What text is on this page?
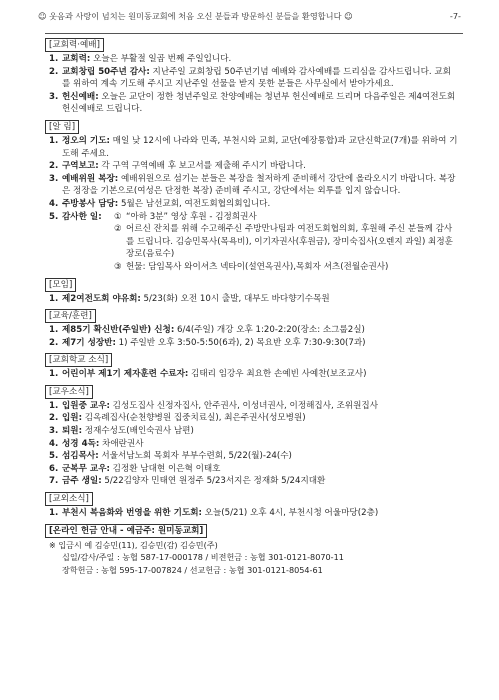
☺ 웃음과 사랑이 넘치는 원미동교회에 처음 오신 분들과 방문하신 분들을 환영합니다 ☺	-7-
[교회력·예배]
1. 교회력: 오늘은 부활절 일곱 번째 주일입니다.
2. 교회창립 50주년 감사: 지난주일 교회창립 50주년기념 예배와 감사예배를 드리심을 감사드립니다. 교회를 위하여 계속 기도해 주시고 지난주일 선물을 받지 못한 분들은 사무실에서 받아가세요.
3. 헌신예배: 오늘은 교단이 정한 청년주일로 찬양예배는 청년부 헌신예배로 드리며 다음주일은 제4여전도회 헌신예배로 드립니다.
[알 림]
1. 정오의 기도: 매일 낮 12시에 나라와 민족, 부천시와 교회, 교단(예장통합)과 교단신학교(7개)를 위하여 기도해 주세요.
2. 구역보고: 각 구역 구역예배 후 보고서를 제출해 주시기 바랍니다.
3. 예배위원 복장: 예배위원으로 섬기는 분들은 복장을 철저하게 준비해서 강단에 올라오시기 바랍니다. 복장은 정장을 기본으로(여성은 단정한 복장) 준비해 주시고, 강단에서는 외투를 입지 않습니다.
4. 주방봉사 담당: 5월은 남선교회, 여전도회협의회입니다.
5. 감사한 일: ① “아하 3분” 영상 후원 - 김정희권사
② 어르신 잔치를 위해 수고해주신 주방만나팀과 여전도회협의회, 후원해 주신 분들께 감사를 드립니다. 김승민목사(목욕비), 이기자권사(후원금), 장미숙집사(오렌지 과일) 최정훈장로(음료수)
③ 헌물: 담임목사 와이셔츠 넥타이(설연옥권사),목회자 셔츠(전월순권사)
[모임]
1. 제2여전도회 야유회: 5/23(화) 오전 10시 출발, 대부도 바다향기수목원
[교육/훈련]
1. 제85기 확신반(주일반) 신청: 6/4(주일) 개강 오후 1:20-2:20(장소: 소그룹2실)
2. 제7기 성장반: 1) 주일반 오후 3:50-5:50(6과), 2) 목요반 오후 7:30-9:30(7과)
[교회학교 소식]
1. 어린이부 제1기 제자훈련 수료자: 김태리 임강우 최요한 손예빈 사예찬(보조교사)
[교우소식]
1. 입원중 교우: 김성도집사 신정자집사, 안주권사, 이성녀권사, 이정해집사, 조위원집사
2. 입원: 김옥례집사(순천향병원 집중치료실), 최은주권사(성모병원)
3. 퇴원: 정재수성도(배인숙권사 남편)
4. 성경 4독: 차애란권사
5. 섬김목사: 서울서남노회 목회자 부부수련회, 5/22(월)-24(수)
6. 군복무 교우: 김정환 남대현 이은혁 이태호
7. 금주 생일: 5/22김양자 민태연 원정주 5/23서지은 정재화 5/24지대환
[교외소식]
1. 부천시 복음화와 번영을 위한 기도회: 오늘(5/21) 오후 4시, 부천시청 어울마당(2층)
[온라인 헌금 안내 - 예금주: 원미동교회]
※ 입금시 예 김승민(11), 김승민(감) 김승민(주)
십일/감사/주일 : 농협 587-17-000178 / 비전헌금 : 농협 301-0121-8070-11
장학헌금 : 농협 595-17-007824 / 선교헌금 : 농협 301-0121-8054-61
